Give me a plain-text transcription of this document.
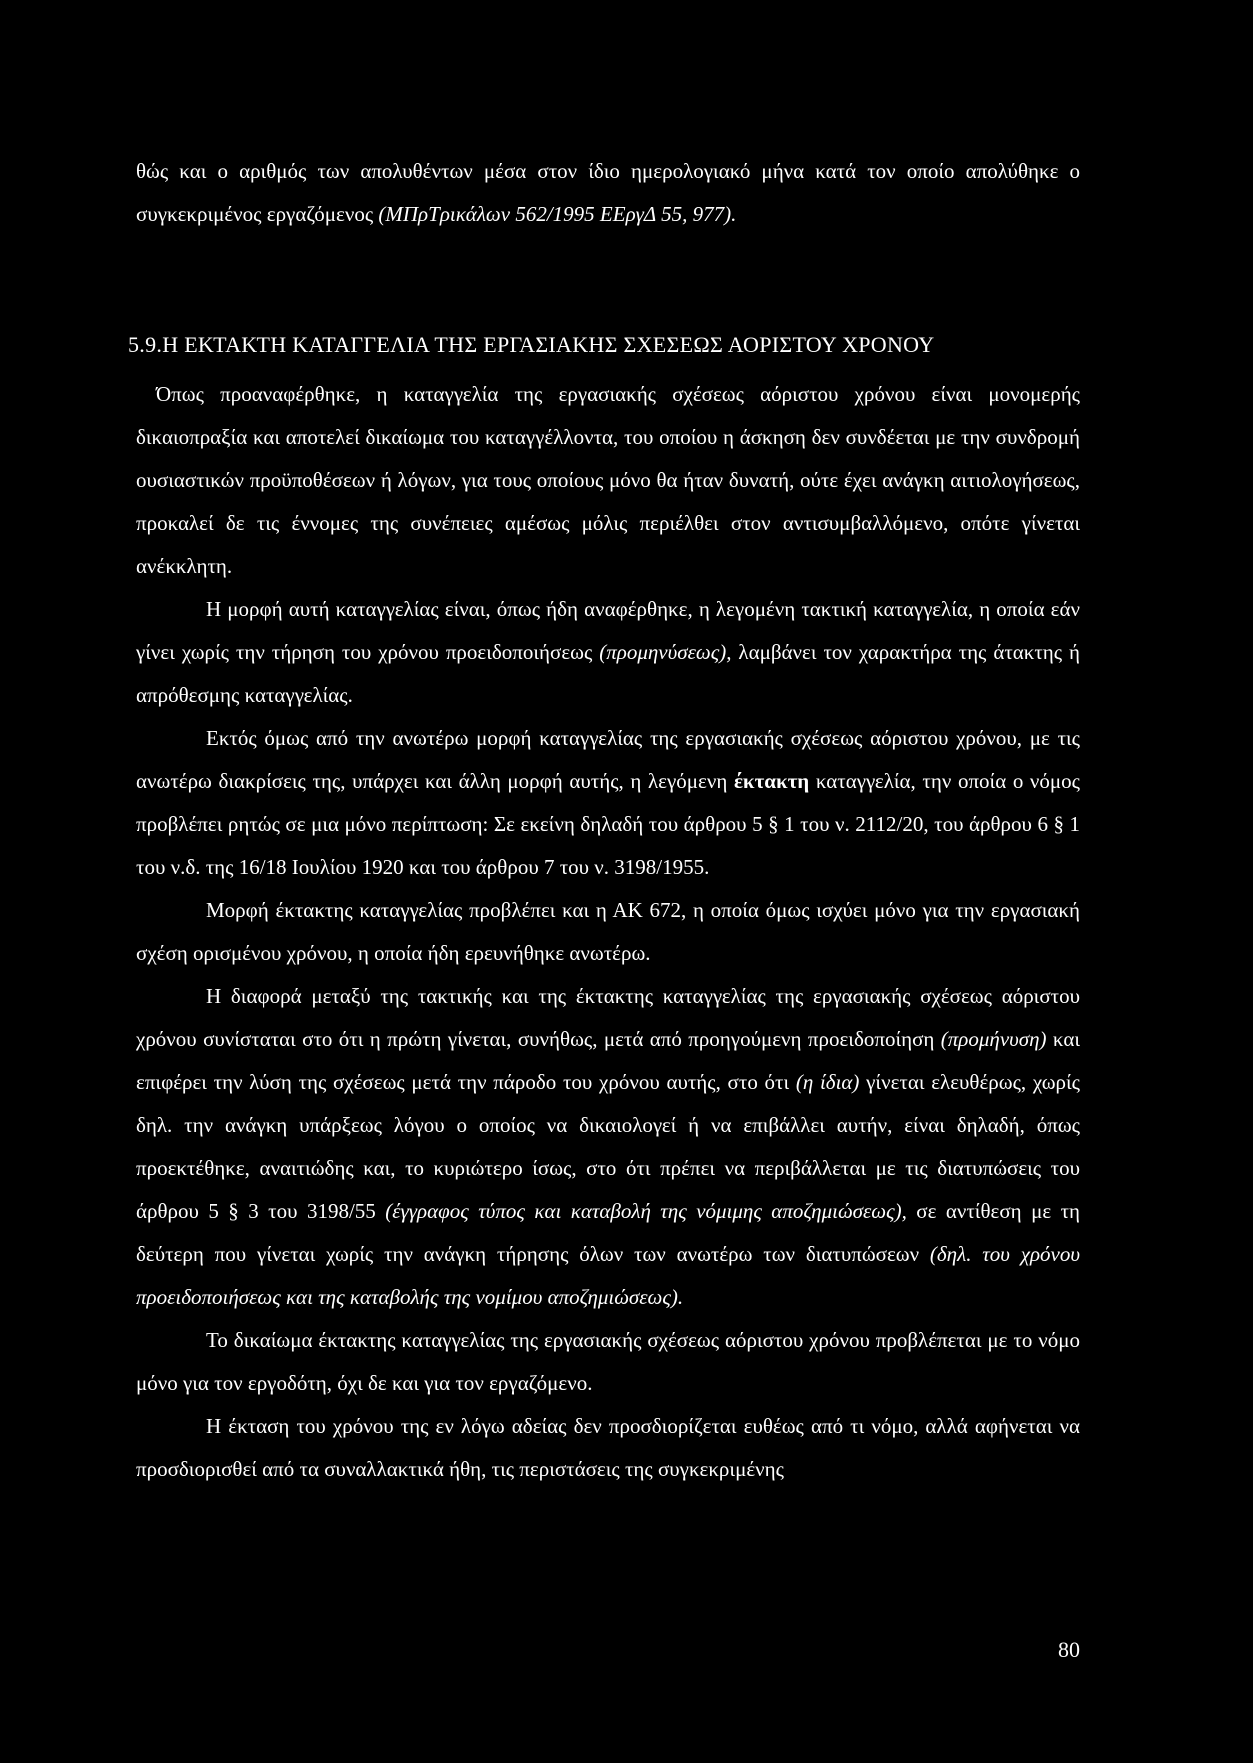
θώς και ο αριθμός των απολυθέντων μέσα στον ίδιο ημερολογιακό μήνα κατά τον οποίο απολύθηκε ο συγκεκριμένος εργαζόμενος (ΜΠρΤρικάλων 562/1995 ΕΕργΔ 55, 977).

5.9.Η ΕΚΤΑΚΤΗ ΚΑΤΑΓΓΕΛΙΑ ΤΗΣ ΕΡΓΑΣΙΑΚΗΣ ΣΧΕΣΕΩΣ ΑΟΡΙΣΤΟΥ ΧΡΟΝΟΥ

Όπως προαναφέρθηκε, η καταγγελία της εργασιακής σχέσεως αόριστου χρόνου είναι μονομερής δικαιοπραξία και αποτελεί δικαίωμα του καταγγέλλοντα, του οποίου η άσκηση δεν συνδέεται με την συνδρομή ουσιαστικών προϋποθέσεων ή λόγων, για τους οποίους μόνο θα ήταν δυνατή, ούτε έχει ανάγκη αιτιολογήσεως, προκαλεί δε τις έννομες της συνέπειες αμέσως μόλις περιέλθει στον αντισυμβαλλόμενο, οπότε γίνεται ανέκκλητη.

Η μορφή αυτή καταγγελίας είναι, όπως ήδη αναφέρθηκε, η λεγομένη τακτική καταγγελία, η οποία εάν γίνει χωρίς την τήρηση του χρόνου προειδοποιήσεως (προμηνύσεως), λαμβάνει τον χαρακτήρα της άτακτης ή απρόθεσμης καταγγελίας.

Εκτός όμως από την ανωτέρω μορφή καταγγελίας της εργασιακής σχέσεως αόριστου χρόνου, με τις ανωτέρω διακρίσεις της, υπάρχει και άλλη μορφή αυτής, η λεγόμενη έκτακτη καταγγελία, την οποία ο νόμος προβλέπει ρητώς σε μια μόνο περίπτωση: Σε εκείνη δηλαδή του άρθρου 5 § 1 του ν. 2112/20, του άρθρου 6 § 1 του ν.δ. της 16/18 Ιουλίου 1920 και του άρθρου 7 του ν. 3198/1955.

Μορφή έκτακτης καταγγελίας προβλέπει και η ΑΚ 672, η οποία όμως ισχύει μόνο για την εργασιακή σχέση ορισμένου χρόνου, η οποία ήδη ερευνήθηκε ανωτέρω.

Η διαφορά μεταξύ της τακτικής και της έκτακτης καταγγελίας της εργασιακής σχέσεως αόριστου χρόνου συνίσταται στο ότι η πρώτη γίνεται, συνήθως, μετά από προηγούμενη προειδοποίηση (προμήνυση) και επιφέρει την λύση της σχέσεως μετά την πάροδο του χρόνου αυτής, στο ότι (η ίδια) γίνεται ελευθέρως, χωρίς δηλ. την ανάγκη υπάρξεως λόγου ο οποίος να δικαιολογεί ή να επιβάλλει αυτήν, είναι δηλαδή, όπως προεκτέθηκε, αναιτιώδης και, το κυριώτερο ίσως, στο ότι πρέπει να περιβάλλεται με τις διατυπώσεις του άρθρου 5 § 3 του 3198/55 (έγγραφος τύπος και καταβολή της νόμιμης αποζημιώσεως), σε αντίθεση με τη δεύτερη που γίνεται χωρίς την ανάγκη τήρησης όλων των ανωτέρω των διατυπώσεων (δηλ. του χρόνου προειδοποιήσεως και της καταβολής της νομίμου αποζημιώσεως).

Το δικαίωμα έκτακτης καταγγελίας της εργασιακής σχέσεως αόριστου χρόνου προβλέπεται με το νόμο μόνο για τον εργοδότη, όχι δε και για τον εργαζόμενο.

Η έκταση του χρόνου της εν λόγω αδείας δεν προσδιορίζεται ευθέως από τι νόμο, αλλά αφήνεται να προσδιορισθεί από τα συναλλακτικά ήθη, τις περιστάσεις της συγκεκριμένης

80
